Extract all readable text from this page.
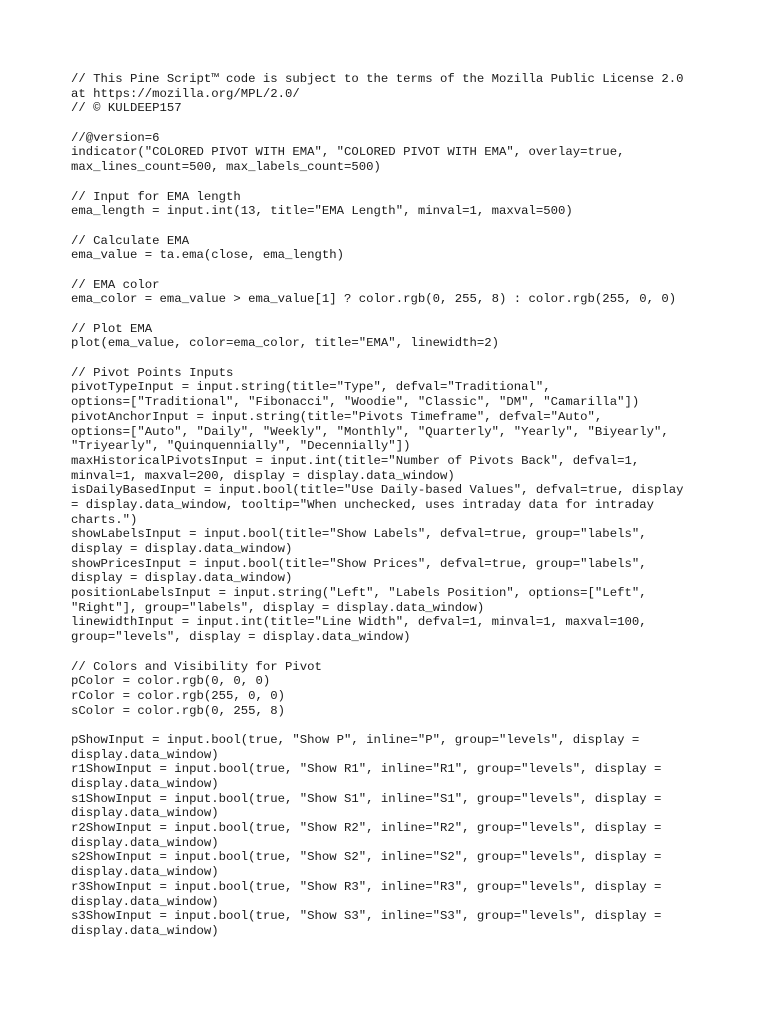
// This Pine Script™ code is subject to the terms of the Mozilla Public License 2.0
at https://mozilla.org/MPL/2.0/
// © KULDEEP157
//@version=6
indicator("COLORED PIVOT WITH EMA", "COLORED PIVOT WITH EMA", overlay=true,
max_lines_count=500, max_labels_count=500)
// Input for EMA length
ema_length = input.int(13, title="EMA Length", minval=1, maxval=500)
// Calculate EMA
ema_value = ta.ema(close, ema_length)
// EMA color
ema_color = ema_value > ema_value[1] ? color.rgb(0, 255, 8) : color.rgb(255, 0, 0)
// Plot EMA
plot(ema_value, color=ema_color, title="EMA", linewidth=2)
// Pivot Points Inputs
pivotTypeInput = input.string(title="Type", defval="Traditional",
options=["Traditional", "Fibonacci", "Woodie", "Classic", "DM", "Camarilla"])
pivotAnchorInput = input.string(title="Pivots Timeframe", defval="Auto",
options=["Auto", "Daily", "Weekly", "Monthly", "Quarterly", "Yearly", "Biyearly",
"Triyearly", "Quinquennially", "Decennially"])
maxHistoricalPivotsInput = input.int(title="Number of Pivots Back", defval=1,
minval=1, maxval=200, display = display.data_window)
isDailyBasedInput = input.bool(title="Use Daily-based Values", defval=true, display
= display.data_window, tooltip="When unchecked, uses intraday data for intraday
charts.")
showLabelsInput = input.bool(title="Show Labels", defval=true, group="labels",
display = display.data_window)
showPricesInput = input.bool(title="Show Prices", defval=true, group="labels",
display = display.data_window)
positionLabelsInput = input.string("Left", "Labels Position", options=["Left",
"Right"], group="labels", display = display.data_window)
linewidthInput = input.int(title="Line Width", defval=1, minval=1, maxval=100,
group="levels", display = display.data_window)
// Colors and Visibility for Pivot
pColor = color.rgb(0, 0, 0)
rColor = color.rgb(255, 0, 0)
sColor = color.rgb(0, 255, 8)
pShowInput = input.bool(true, "Show P", inline="P", group="levels", display =
display.data_window)
r1ShowInput = input.bool(true, "Show R1", inline="R1", group="levels", display =
display.data_window)
s1ShowInput = input.bool(true, "Show S1", inline="S1", group="levels", display =
display.data_window)
r2ShowInput = input.bool(true, "Show R2", inline="R2", group="levels", display =
display.data_window)
s2ShowInput = input.bool(true, "Show S2", inline="S2", group="levels", display =
display.data_window)
r3ShowInput = input.bool(true, "Show R3", inline="R3", group="levels", display =
display.data_window)
s3ShowInput = input.bool(true, "Show S3", inline="S3", group="levels", display =
display.data_window)
